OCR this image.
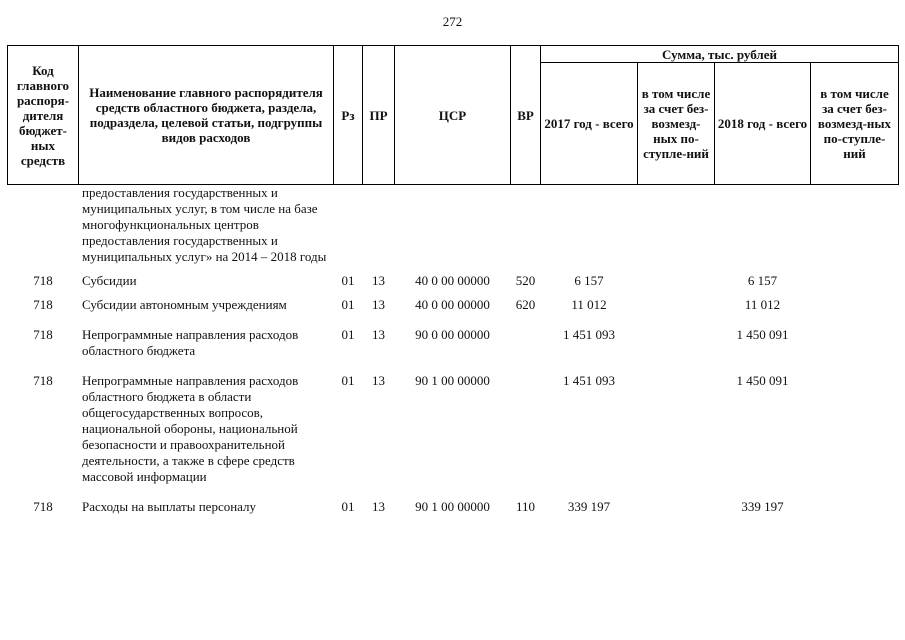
272
Код главного распоря-дителя бюджет-ных средств	Наименование главного распорядителя средств областного бюджета, раздела, подраздела, целевой статьи, подгруппы видов расходов	Рз	ПР	ЦСР	ВР	Сумма, тыс. рублей			
						2017 год - всего	в том числе за счет без-возмезд-ных по-ступле-ний	2018 год - всего	в том числе за счет без-возмезд-ных по-ступле-ний
	предоставления государственных и муниципальных услуг, в том числе на базе многофункциональных центров предоставления государственных и муниципальных услуг» на 2014 – 2018 годы								
718	Субсидии	01	13	40 0 00 00000	520	6 157		6 157	
718	Субсидии автономным учреждениям	01	13	40 0 00 00000	620	11 012		11 012	
718	Непрограммные направления расходов областного бюджета	01	13	90 0 00 00000		1 451 093		1 450 091	
718	Непрограммные направления расходов областного бюджета в области общегосударственных вопросов, национальной обороны, национальной безопасности и правоохранительной деятельности, а также в сфере средств массовой информации	01	13	90 1 00 00000		1 451 093		1 450 091	
718	Расходы на выплаты персоналу	01	13	90 1 00 00000	110	339 197		339 197	
